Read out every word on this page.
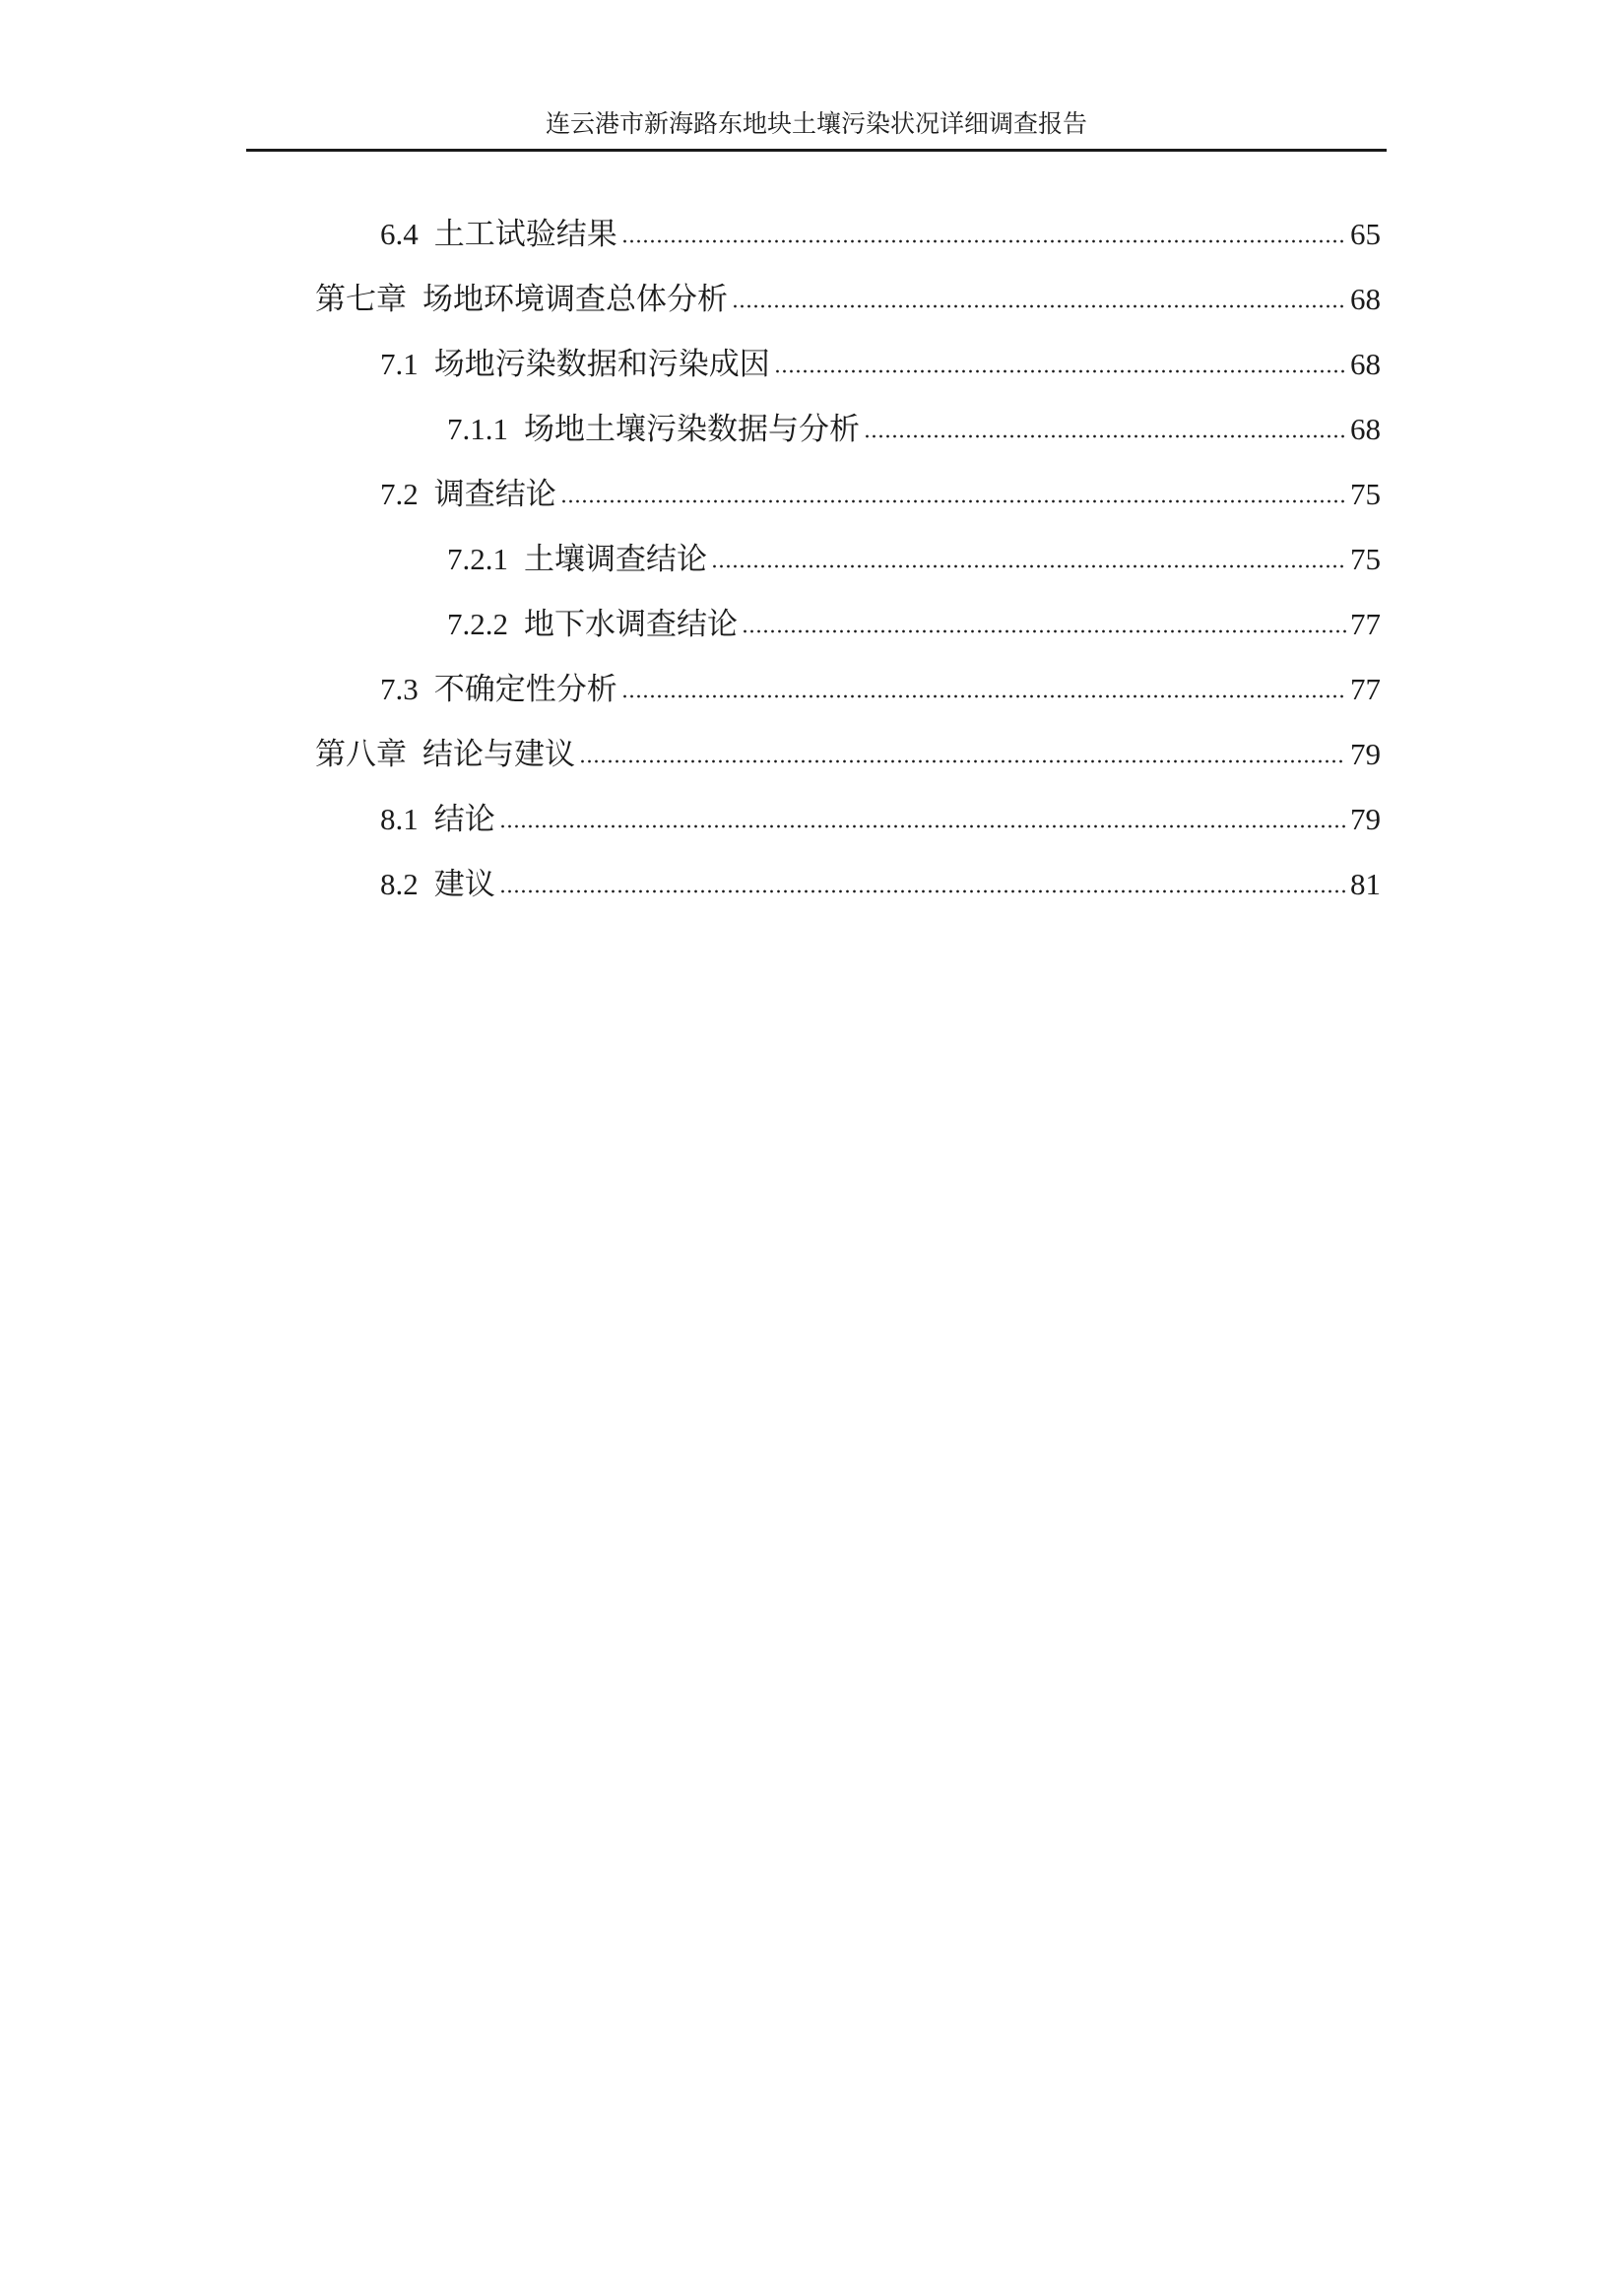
连云港市新海路东地块土壤污染状况详细调查报告
6.4 土工试验结果	65
第七章 场地环境调查总体分析	68
7.1 场地污染数据和污染成因	68
7.1.1 场地土壤污染数据与分析	68
7.2 调查结论	75
7.2.1 土壤调查结论	75
7.2.2 地下水调查结论	77
7.3 不确定性分析	77
第八章 结论与建议	79
8.1 结论	79
8.2 建议	81
